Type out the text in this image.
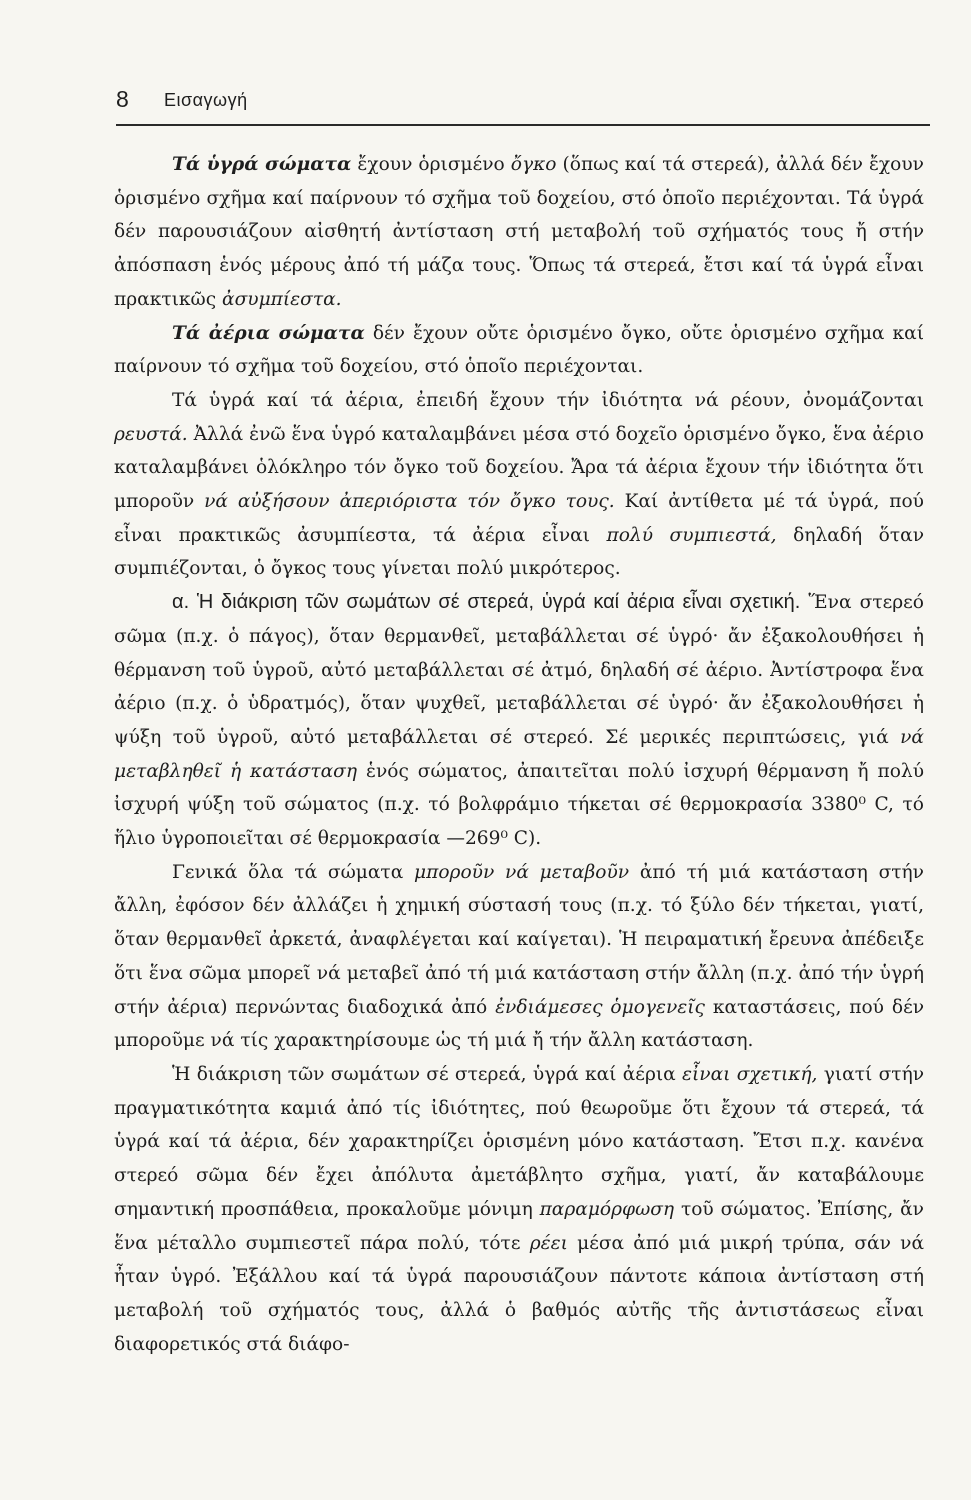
8 Εισαγωγή

Τά ὑγρά σώματα ἔχουν ὁρισμένο ὄγκο (ὅπως καί τά στερεά), ἀλλά δέν ἔχουν ὁρισμένο σχῆμα καί παίρνουν τό σχῆμα τοῦ δοχείου, στό ὁποῖο περιέχονται. Τά ὑγρά δέν παρουσιάζουν αἰσθητή ἀντίσταση στή μεταβολή τοῦ σχήματός τους ἤ στήν ἀπόσπαση ἑνός μέρους ἀπό τή μάζα τους. Ὅπως τά στερεά, ἔτσι καί τά ὑγρά εἶναι πρακτικῶς ἀσυμπίεστα.

Τά ἀέρια σώματα δέν ἔχουν οὔτε ὁρισμένο ὄγκο, οὔτε ὁρισμένο σχῆμα καί παίρνουν τό σχῆμα τοῦ δοχείου, στό ὁποῖο περιέχονται.

Τά ὑγρά καί τά ἀέρια, ἐπειδή ἔχουν τήν ἰδιότητα νά ρέουν, ὀνομάζονται ρευστά. Ἀλλά ἐνῶ ἕνα ὑγρό καταλαμβάνει μέσα στό δοχεῖο ὁρισμένο ὄγκο, ἕνα ἀέριο καταλαμβάνει ὁλόκληρο τόν ὄγκο τοῦ δοχείου. Ἄρα τά ἀέρια ἔχουν τήν ἰδιότητα ὅτι μποροῦν νά αὐξήσουν ἀπεριόριστα τόν ὄγκο τους. Καί ἀντίθετα μέ τά ὑγρά, πού εἶναι πρακτικῶς ἀσυμπίεστα, τά ἀέρια εἶναι πολύ συμπιεστά, δηλαδή ὅταν συμπιέζονται, ὁ ὄγκος τους γίνεται πολύ μικρότερος.

α. Ἡ διάκριση τῶν σωμάτων σέ στερεά, ὑγρά καί ἀέρια εἶναι σχετική. Ἕνα στερεό σῶμα (π.χ. ὁ πάγος), ὅταν θερμανθεῖ, μεταβάλλεται σέ ὑγρό· ἄν ἐξακολουθήσει ἡ θέρμανση τοῦ ὑγροῦ, αὐτό μεταβάλλεται σέ ἀτμό, δηλαδή σέ ἀέριο. Ἀντίστροφα ἕνα ἀέριο (π.χ. ὁ ὑδρατμός), ὅταν ψυχθεῖ, μεταβάλλεται σέ ὑγρό· ἄν ἐξακολουθήσει ἡ ψύξη τοῦ ὑγροῦ, αὐτό μεταβάλλεται σέ στερεό. Σέ μερικές περιπτώσεις, γιά νά μεταβληθεῖ ἡ κατάσταση ἑνός σώματος, ἀπαιτεῖται πολύ ἰσχυρή θέρμανση ἤ πολύ ἰσχυρή ψύξη τοῦ σώματος (π.χ. τό βολφράμιο τήκεται σέ θερμοκρασία 3380⁰ C, τό ἥλιο ὑγροποιεῖται σέ θερμοκρασία —269⁰ C).

Γενικά ὅλα τά σώματα μποροῦν νά μεταβοῦν ἀπό τή μιά κατάσταση στήν ἄλλη, ἐφόσον δέν ἀλλάζει ἡ χημική σύστασή τους (π.χ. τό ξύλο δέν τήκεται, γιατί, ὅταν θερμανθεῖ ἀρκετά, ἀναφλέγεται καί καίγεται). Ἡ πειραματική ἔρευνα ἀπέδειξε ὅτι ἕνα σῶμα μπορεῖ νά μεταβεῖ ἀπό τή μιά κατάσταση στήν ἄλλη (π.χ. ἀπό τήν ὑγρή στήν ἀέρια) περνώντας διαδοχικά ἀπό ἐνδιάμεσες ὁμογενεῖς καταστάσεις, πού δέν μποροῦμε νά τίς χαρακτηρίσουμε ὡς τή μιά ἤ τήν ἄλλη κατάσταση.

Ἡ διάκριση τῶν σωμάτων σέ στερεά, ὑγρά καί ἀέρια εἶναι σχετική, γιατί στήν πραγματικότητα καμιά ἀπό τίς ἰδιότητες, πού θεωροῦμε ὅτι ἔχουν τά στερεά, τά ὑγρά καί τά ἀέρια, δέν χαρακτηρίζει ὁρισμένη μόνο κατάσταση. Ἔτσι π.χ. κανένα στερεό σῶμα δέν ἔχει ἀπόλυτα ἀμετάβλητο σχῆμα, γιατί, ἄν καταβάλουμε σημαντική προσπάθεια, προκαλοῦμε μόνιμη παραμόρφωση τοῦ σώματος. Ἐπίσης, ἄν ἕνα μέταλλο συμπιεστεῖ πάρα πολύ, τότε ρέει μέσα ἀπό μιά μικρή τρύπα, σάν νά ἦταν ὑγρό. Ἐξάλλου καί τά ὑγρά παρουσιάζουν πάντοτε κάποια ἀντίσταση στή μεταβολή τοῦ σχήματός τους, ἀλλά ὁ βαθμός αὐτῆς τῆς ἀντιστάσεως εἶναι διαφορετικός στά διάφο-
